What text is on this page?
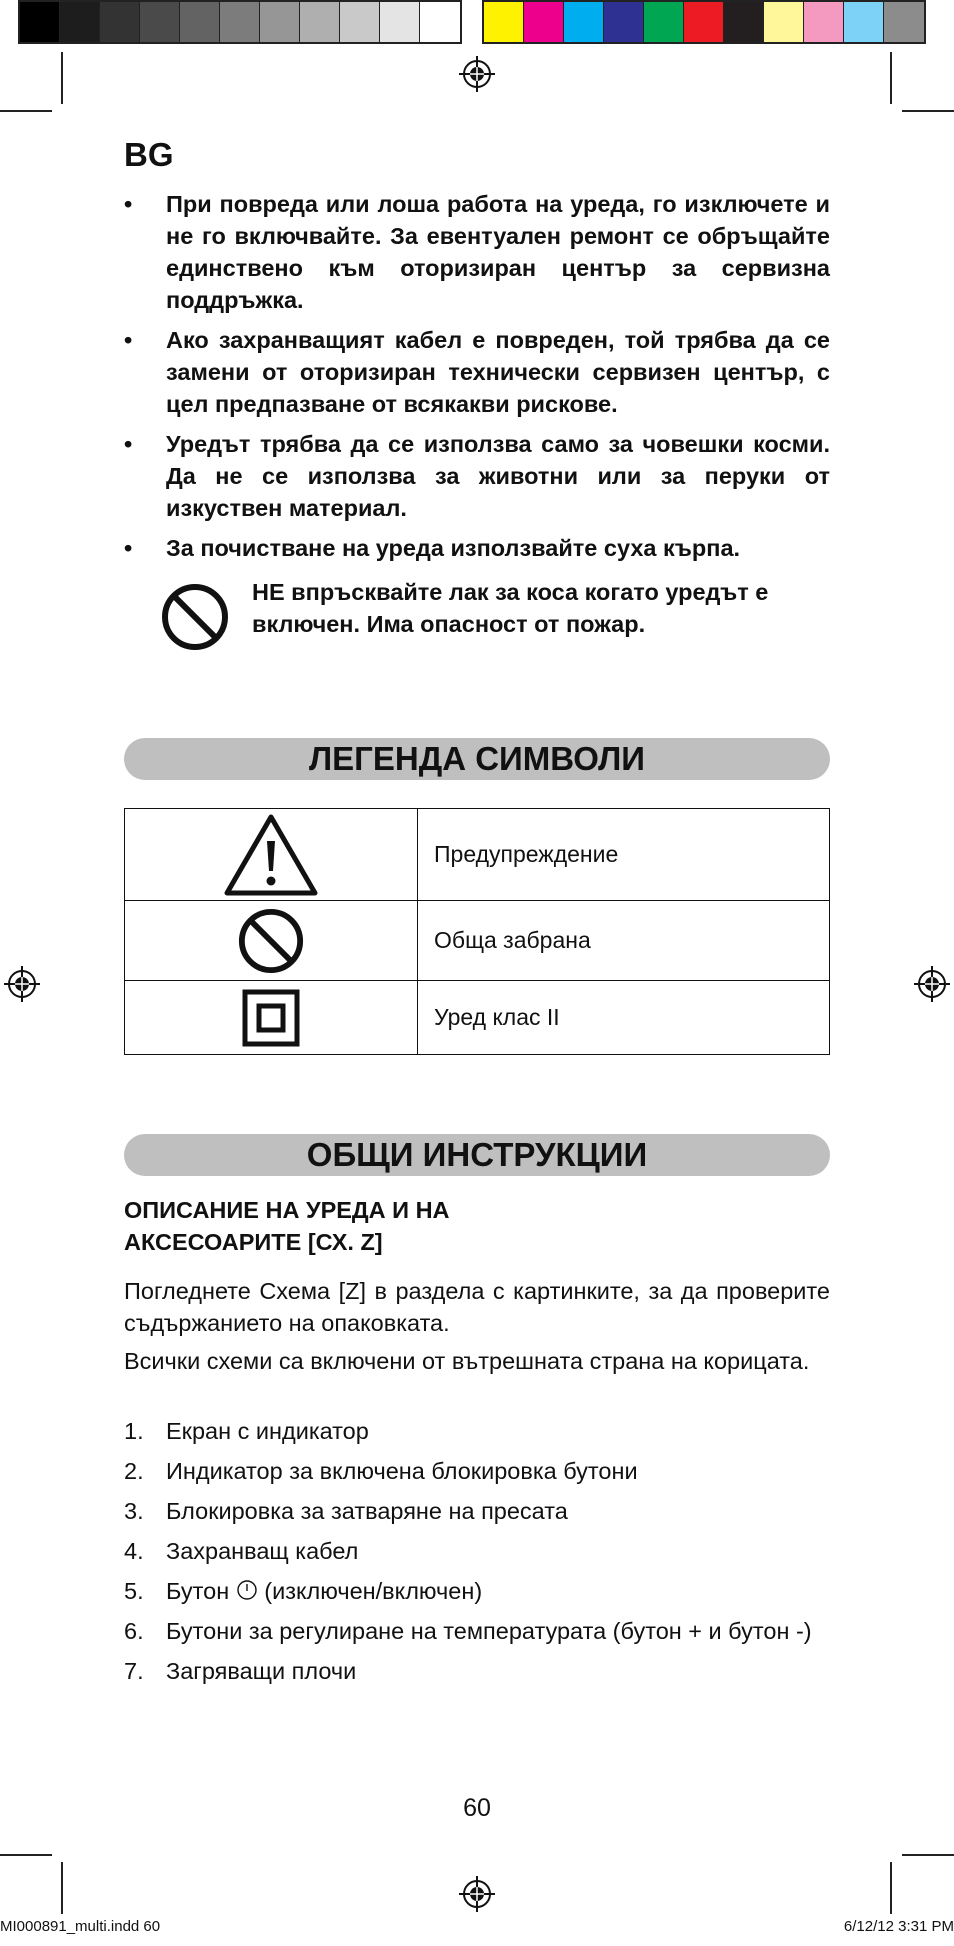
BG
• При повреда или лоша работа на уреда, го изключете и не го включвайте. За евентуален ремонт се обръщайте единствено към оторизиран център за сервизна поддръжка.
• Ако захранващият кабел е повреден, той трябва да се замени от оторизиран технически сервизен център, с цел предпазване от всякакви рискове.
• Уредът трябва да се използва само за човешки косми. Да не се използва за животни или за перуки от изкуствен материал.
• За почистване на уреда използвайте суха кърпа.
НЕ впръсквайте лак за коса когато уредът е включен. Има опасност от пожар.
ЛЕГЕНДА СИМВОЛИ
	Предупреждение

	Обща забрана

	Уред клас II
ОБЩИ ИНСТРУКЦИИ
ОПИСАНИЕ НА УРЕДА И НА
АКСЕСОАРИТЕ [СХ. Z]
Погледнете Схема [Z] в раздела с картинките, за да проверите съдържанието на опаковката.
Всички схеми са включени от вътрешната страна на корицата.
1. Екран с индикатор
2. Индикатор за включена блокировка бутони
3. Блокировка за затваряне на пресата
4. Захранващ кабел
5. Бутон (изключен/включен)
6. Бутони за регулиране на температурата (бутон + и бутон -)
7. Загряващи плочи
60
MI000891_multi.indd 60	6/12/12 3:31 PM
